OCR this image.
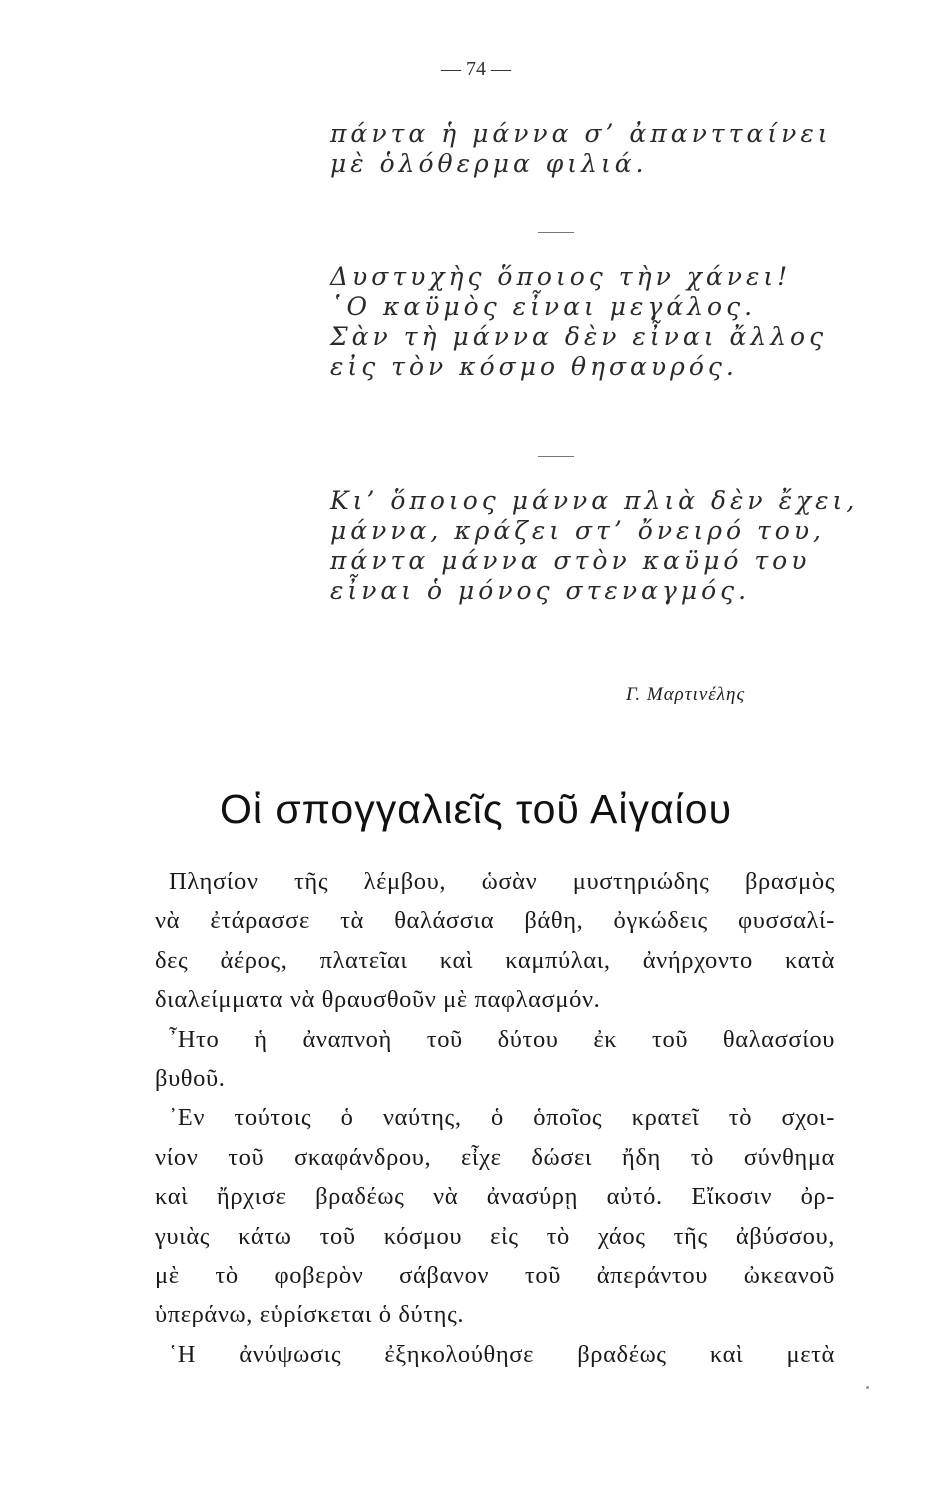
— 74 —
πάντα ἡ μάννα σ’ ἀπαντταίνει
μὲ ὁλόθερμα φιλιά.
Δυστυχὴς ὅποιος τὴν χάνει!
῾Ο καϋμὸς εἶναι μεγάλος.
Σὰν τὴ μάννα δὲν εἶναι ἄλλος
εἰς τὸν κόσμο θησαυρός.
Κι’ ὅποιος μάννα πλιὰ δὲν ἔχει,
μάννα, κράζει στ’ ὄνειρό του,
πάντα μάννα στὸν καϋμό του
εἶναι ὁ μόνος στεναγμός.
Γ. Μαρτινέλης
Οἱ σπογγαλιεῖς τοῦ Αἰγαίου
Πλησίον τῆς λέμβου, ὡσὰν μυστηριώδης βρασμὸς
νὰ ἐτάρασσε τὰ θαλάσσια βάθη, ὀγκώδεις φυσσαλί-
δες ἀέρος, πλατεῖαι καὶ καμπύλαι, ἀνήρχοντο κατὰ
διαλείμματα νὰ θραυσθοῦν μὲ παφλασμόν.
῏Ητο ἡ ἀναπνοὴ τοῦ δύτου ἐκ τοῦ θαλασσίου
βυθοῦ.
᾿Εν τούτοις ὁ ναύτης, ὁ ὁποῖος κρατεῖ τὸ σχοι-
νίον τοῦ σκαφάνδρου, εἶχε δώσει ἤδη τὸ σύνθημα
καὶ ἤρχισε βραδέως νὰ ἀνασύρῃ αὐτό. Εἴκοσιν ὀρ-
γυιὰς κάτω τοῦ κόσμου εἰς τὸ χάος τῆς ἀβύσσου,
μὲ τὸ φοβερὸν σάβανον τοῦ ἀπεράντου ὠκεανοῦ
ὑπεράνω, εὑρίσκεται ὁ δύτης.
῾Η ἀνύψωσις ἐξηκολούθησε βραδέως καὶ μετὰ
